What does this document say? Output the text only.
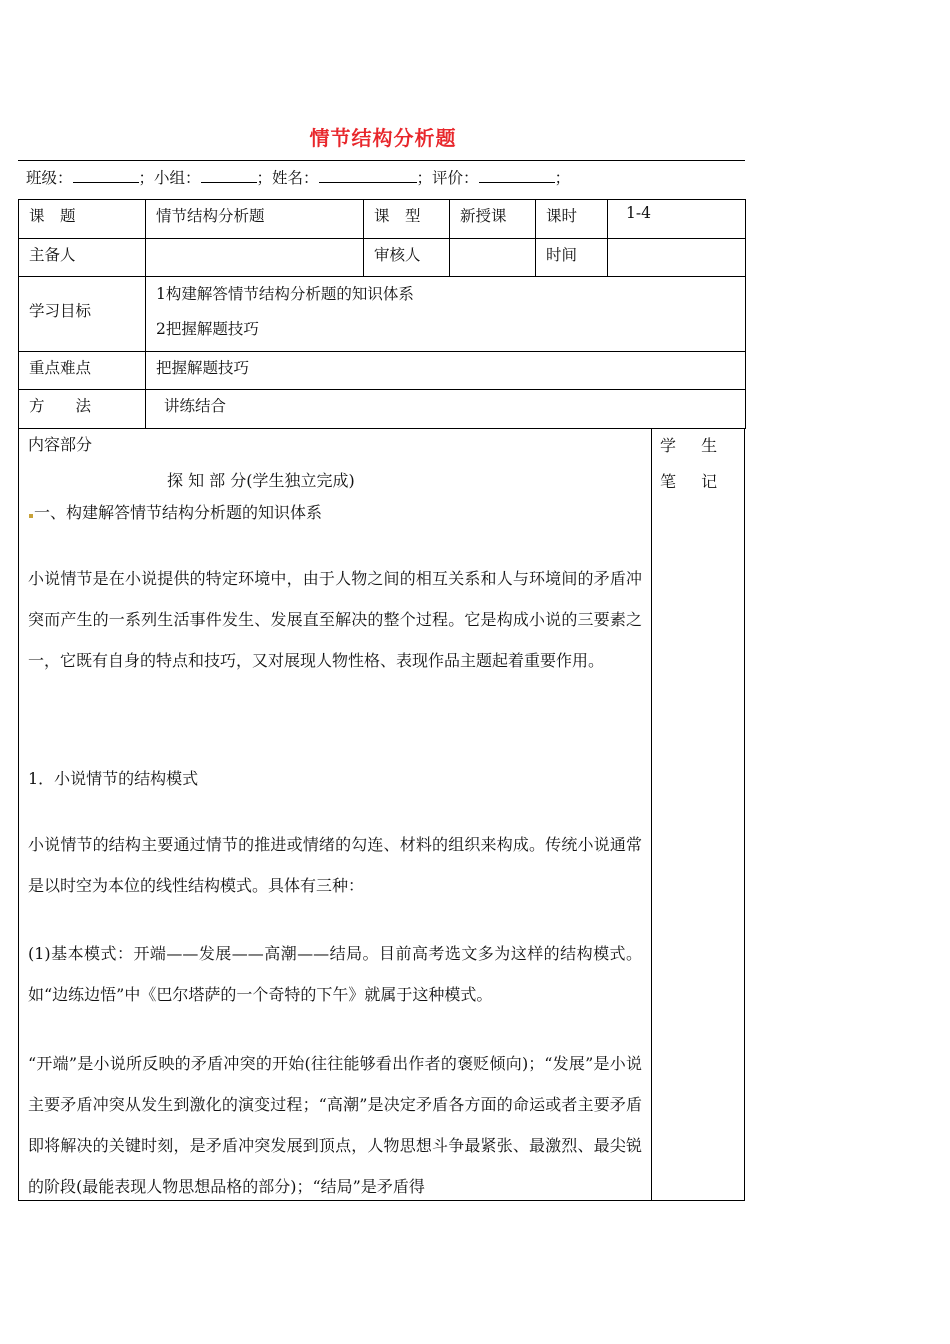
情节结构分析题
班级：	；小组：	；姓名：	；评价：	；
课　题	情节结构分析题	课　型	新授课	课时	1-4
主备人		审核人		时间	
学习目标	1构建解答情节结构分析题的知识体系
2把握解题技巧				

重点难点	把握解题技巧				
方　　法	讲练结合				
内容部分
探 知 部 分(学生独立完成)
一、构建解答情节结构分析题的知识体系
小说情节是在小说提供的特定环境中，由于人物之间的相互关系和人与环境间的矛盾冲突而产生的一系列生活事件发生、发展直至解决的整个过程。它是构成小说的三要素之一，它既有自身的特点和技巧，又对展现人物性格、表现作品主题起着重要作用。
1．小说情节的结构模式
小说情节的结构主要通过情节的推进或情绪的勾连、材料的组织来构成。传统小说通常是以时空为本位的线性结构模式。具体有三种：
(1)基本模式：开端——发展——高潮——结局。目前高考选文多为这样的结构模式。如“边练边悟”中《巴尔塔萨的一个奇特的下午》就属于这种模式。
“开端”是小说所反映的矛盾冲突的开始(往往能够看出作者的褒贬倾向)；“发展”是小说主要矛盾冲突从发生到激化的演变过程；“高潮”是决定矛盾各方面的命运或者主要矛盾即将解决的关键时刻，是矛盾冲突发展到顶点，人物思想斗争最紧张、最激烈、最尖锐的阶段(最能表现人物思想品格的部分)；“结局”是矛盾得
学 生
笔 记
